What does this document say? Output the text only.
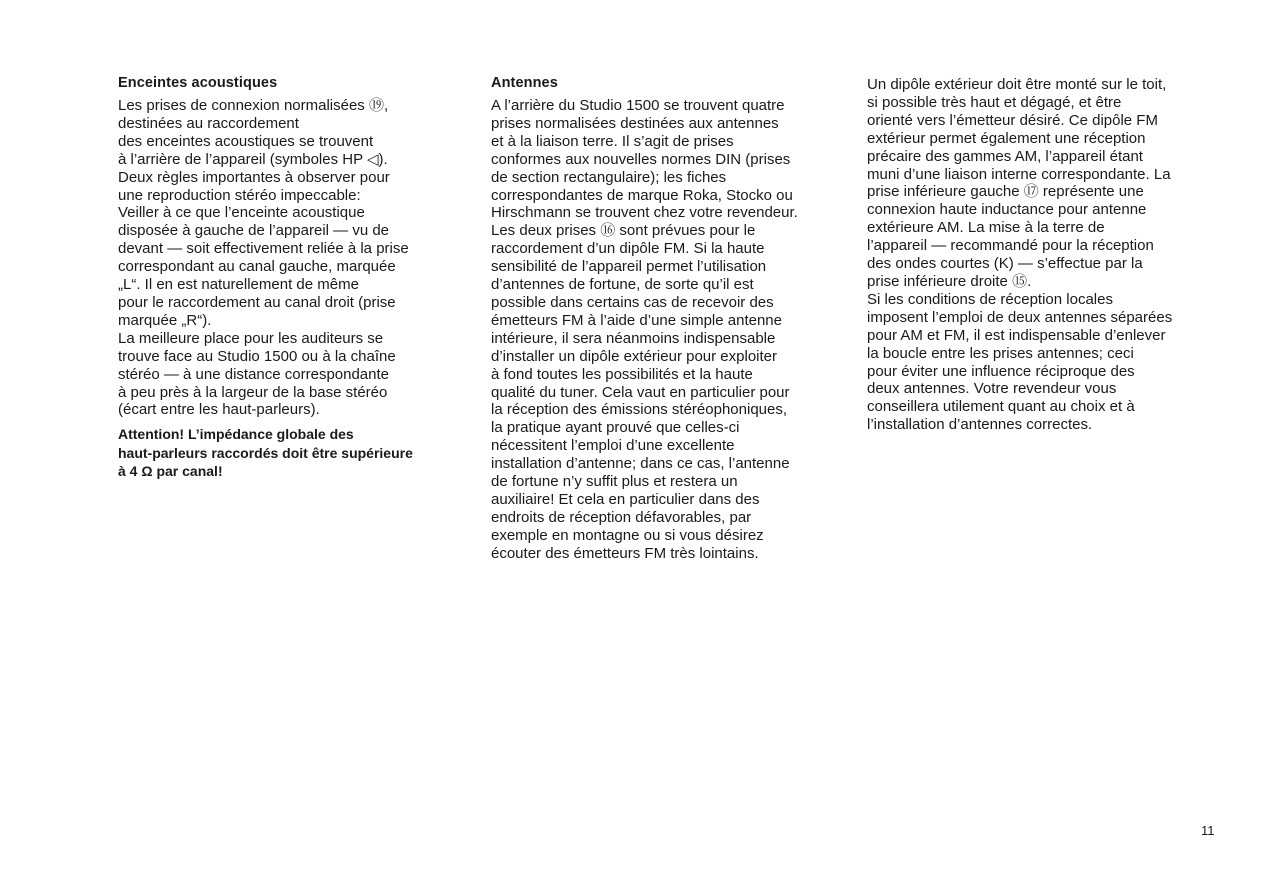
Enceintes acoustiques

Les prises de connexion normalisées ⑲,
destinées au raccordement
des enceintes acoustiques se trouvent
à l’arrière de l’appareil (symboles HP ◁).
Deux règles importantes à observer pour
une reproduction stéréo impeccable:
Veiller à ce que l’enceinte acoustique
disposée à gauche de l’appareil — vu de
devant — soit effectivement reliée à la prise
correspondant au canal gauche, marquée
„L“. Il en est naturellement de même
pour le raccordement au canal droit (prise
marquée „R“).
La meilleure place pour les auditeurs se
trouve face au Studio 1500 ou à la chaîne
stéréo — à une distance correspondante
à peu près à la largeur de la base stéréo
(écart entre les haut-parleurs).

Attention! L’impédance globale des
haut-parleurs raccordés doit être supérieure
à 4 Ω par canal!

Antennes

A l’arrière du Studio 1500 se trouvent quatre
prises normalisées destinées aux antennes
et à la liaison terre. Il s’agit de prises
conformes aux nouvelles normes DIN (prises
de section rectangulaire); les fiches
correspondantes de marque Roka, Stocko ou
Hirschmann se trouvent chez votre revendeur.
Les deux prises ⑯ sont prévues pour le
raccordement d’un dipôle FM. Si la haute
sensibilité de l’appareil permet l’utilisation
d’antennes de fortune, de sorte qu’il est
possible dans certains cas de recevoir des
émetteurs FM à l’aide d’une simple antenne
intérieure, il sera néanmoins indispensable
d’installer un dipôle extérieur pour exploiter
à fond toutes les possibilités et la haute
qualité du tuner. Cela vaut en particulier pour
la réception des émissions stéréophoniques,
la pratique ayant prouvé que celles-ci
nécessitent l’emploi d’une excellente
installation d’antenne; dans ce cas, l’antenne
de fortune n’y suffit plus et restera un
auxiliaire! Et cela en particulier dans des
endroits de réception défavorables, par
exemple en montagne ou si vous désirez
écouter des émetteurs FM très lointains.

Un dipôle extérieur doit être monté sur le toit,
si possible très haut et dégagé, et être
orienté vers l’émetteur désiré. Ce dipôle FM
extérieur permet également une réception
précaire des gammes AM, l’appareil étant
muni d’une liaison interne correspondante. La
prise inférieure gauche ⑰ représente une
connexion haute inductance pour antenne
extérieure AM. La mise à la terre de
l’appareil — recommandé pour la réception
des ondes courtes (K) — s’effectue par la
prise inférieure droite ⑮.
Si les conditions de réception locales
imposent l’emploi de deux antennes séparées
pour AM et FM, il est indispensable d’enlever
la boucle entre les prises antennes; ceci
pour éviter une influence réciproque des
deux antennes. Votre revendeur vous
conseillera utilement quant au choix et à
l’installation d’antennes correctes.

11
